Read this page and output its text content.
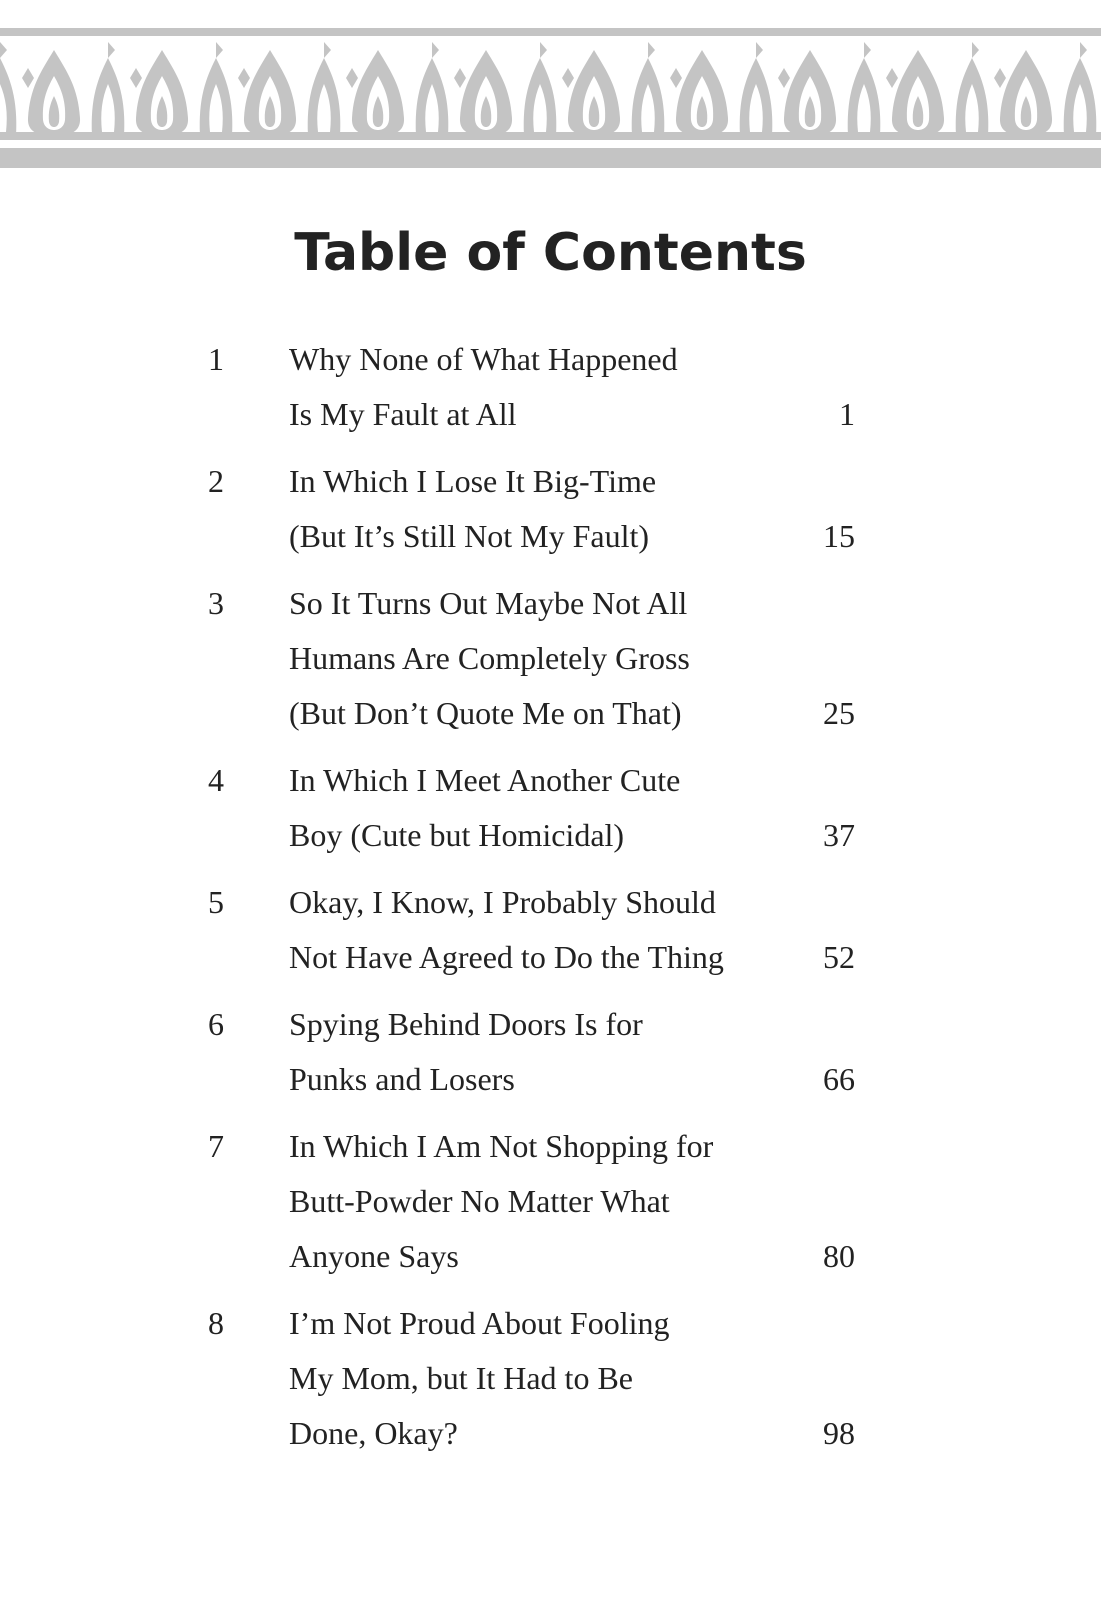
Table of Contents
1 Why None of What Happened
Is My Fault at All	1
2 In Which I Lose It Big-Time
(But It’s Still Not My Fault)	15
3 So It Turns Out Maybe Not All
Humans Are Completely Gross
(But Don’t Quote Me on That)	25
4 In Which I Meet Another Cute
Boy (Cute but Homicidal)	37
5 Okay, I Know, I Probably Should
Not Have Agreed to Do the Thing	52
6 Spying Behind Doors Is for
Punks and Losers	66
7 In Which I Am Not Shopping for
Butt-Powder No Matter What
Anyone Says	80
8 I’m Not Proud About Fooling
My Mom, but It Had to Be
Done, Okay?	98
